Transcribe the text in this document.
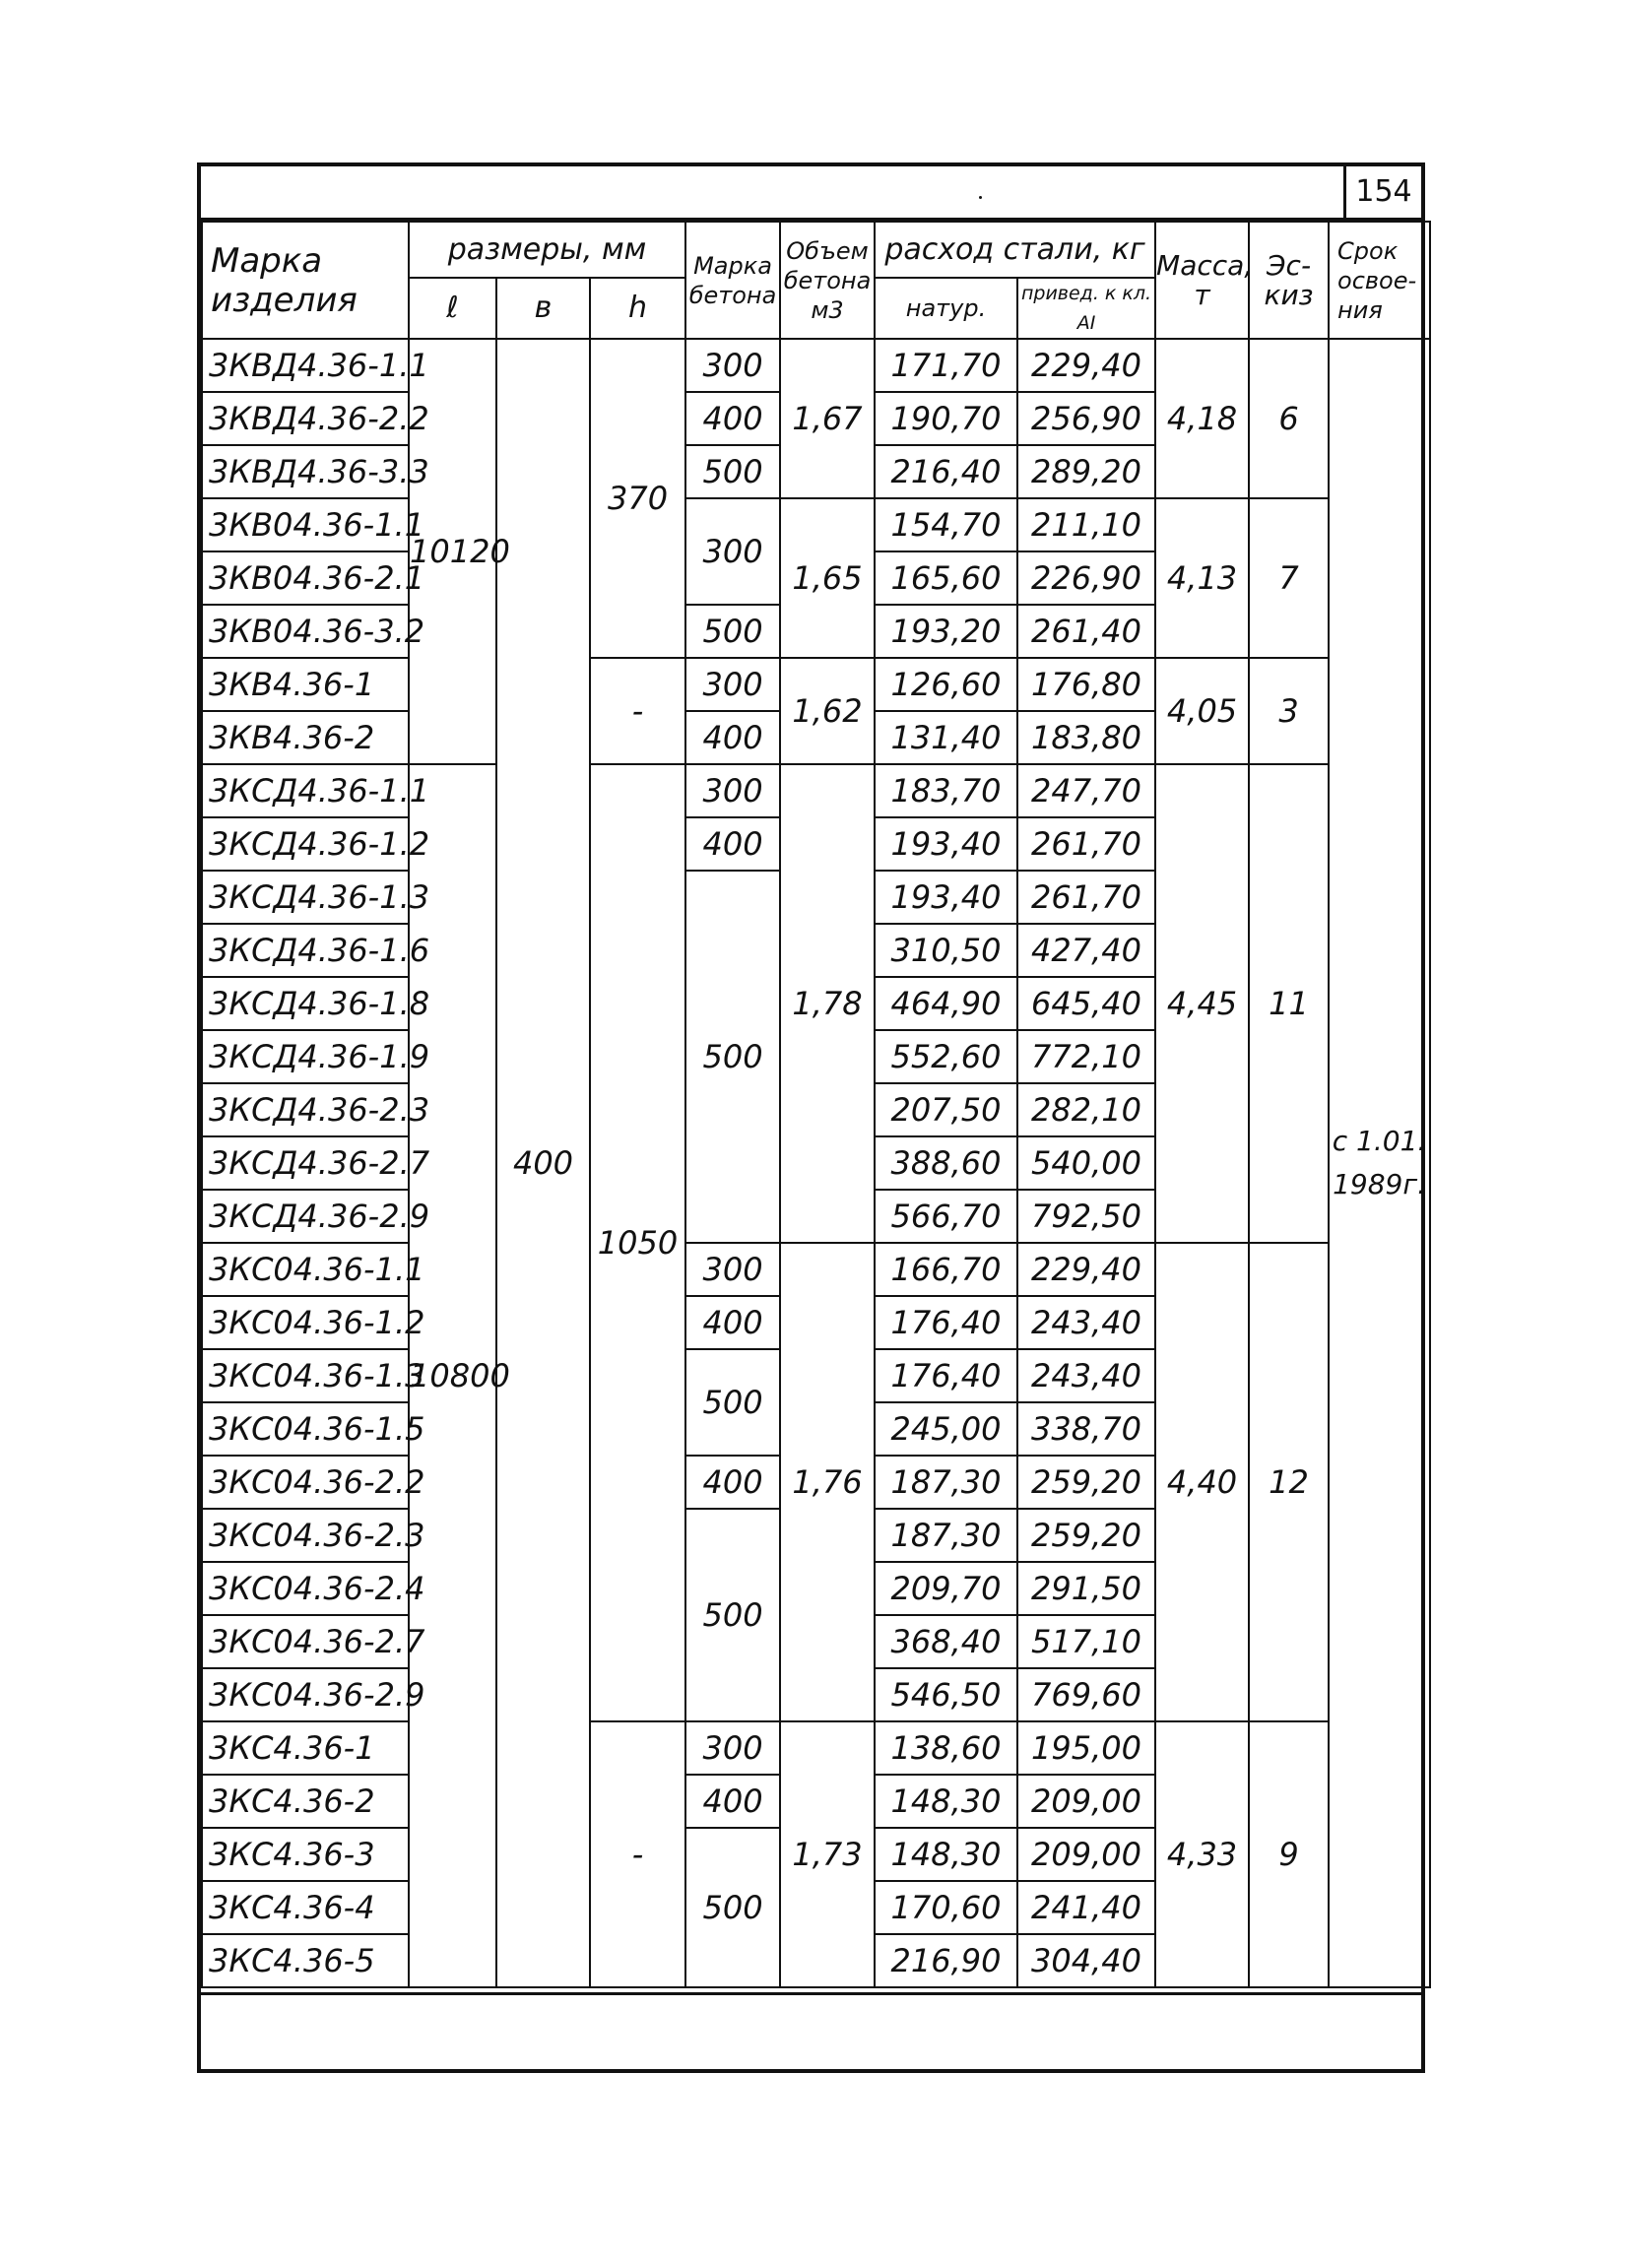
154
Марка изделия	размеры, мм			Марка бетона	Объем бетона м3	расход стали, кг		Масса, т	Эс-киз	Срок освое-ния
	ℓ	в	h			натур.	привед. к кл. АI			
3КВД4.36-1.1	10120	400	370	300	1,67	171,70	229,40	4,18	6	с 1.01. 1989г.
3КВД4.36-2.2				400		190,70	256,90			
3КВД4.36-3.3				500		216,40	289,20			
3КВ04.36-1.1				300	1,65	154,70	211,10	4,13	7	
3КВ04.36-2.1						165,60	226,90			
3КВ04.36-3.2				500		193,20	261,40			
3КВ4.36-1			-	300	1,62	126,60	176,80	4,05	3	
3КВ4.36-2				400		131,40	183,80			
3КСД4.36-1.1	10800		1050	300	1,78	183,70	247,70	4,45	11	
3КСД4.36-1.2				400		193,40	261,70			
3КСД4.36-1.3				500		193,40	261,70			
3КСД4.36-1.6						310,50	427,40			
3КСД4.36-1.8						464,90	645,40			
3КСД4.36-1.9						552,60	772,10			
3КСД4.36-2.3						207,50	282,10			
3КСД4.36-2.7						388,60	540,00			
3КСД4.36-2.9						566,70	792,50			
3КС04.36-1.1				300	1,76	166,70	229,40	4,40	12	
3КС04.36-1.2				400		176,40	243,40			
3КС04.36-1.3				500		176,40	243,40			
3КС04.36-1.5						245,00	338,70			
3КС04.36-2.2				400		187,30	259,20			
3КС04.36-2.3				500		187,30	259,20			
3КС04.36-2.4						209,70	291,50			
3КС04.36-2.7						368,40	517,10			
3КС04.36-2.9						546,50	769,60			
3КС4.36-1			-	300	1,73	138,60	195,00	4,33	9	
3КС4.36-2				400		148,30	209,00			
3КС4.36-3				500		148,30	209,00			
3КС4.36-4						170,60	241,40			
3КС4.36-5						216,90	304,40			
